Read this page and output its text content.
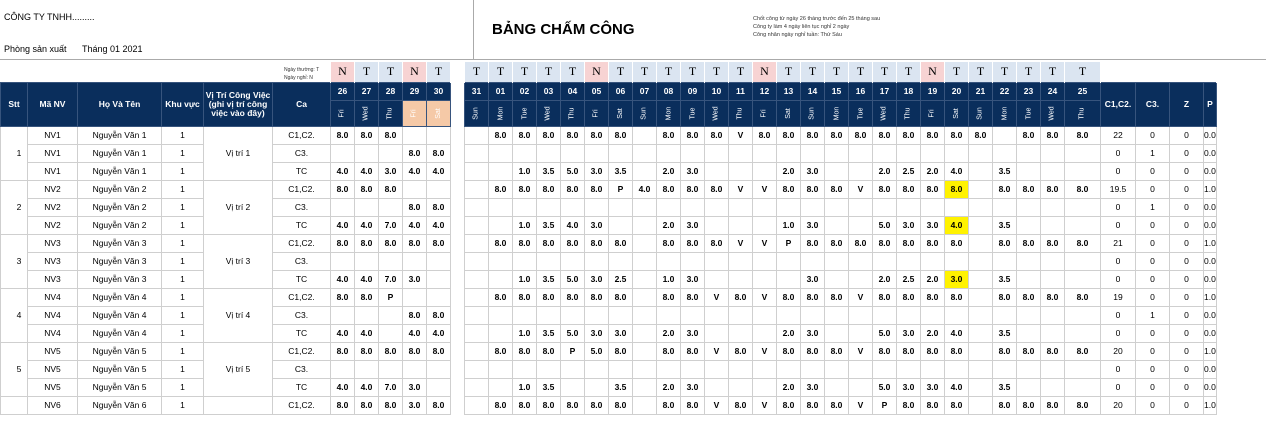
CÔNG TY TNHH.........
Phòng sản xuất Tháng 01 2021
BẢNG CHẤM CÔNG
Chốt công từ ngày 26 tháng trước đến 25 tháng sau
Công ty làm 4 ngày liên tục nghỉ 2 ngày
Công nhân ngày nghỉ tuần: Thứ Sáu
						N	T	T	N	T		T	T	T	T	T	N	T	T	T	T	T	T	N	T	T	T	T	T	T	N	T	T	T	T	T	T				
Stt	Mã NV	Họ Và Tên	Khu vực	Vị Trí Công Việc (ghi vị trí công việc vào đây)	Ca	26	27	28	29	30		31	01	02	03	04	05	06	07	08	09	10	11	12	13	14	15	16	17	18	19	20	21	22	23	24	25	C1,C2.	C3.	Z	P
						Fri	Wed	Thu	Fri	Sat		Sun	Mon	Tue	Wed	Thu	Fri	Sat	Sun	Mon	Tue	Wed	Thu	Fri	Sat	Sun	Mon	Tue	Wed	Thu	Fri	Sat	Sun	Mon	Tue	Wed	Thu				
1	NV1	Nguyễn Văn 1	1	Vị trí 1	C1,C2.	8.0	8.0	8.0					8.0	8.0	8.0	8.0	8.0	8.0		8.0	8.0	8.0	V	8.0	8.0	8.0	8.0	8.0	8.0	8.0	8.0	8.0	8.0		8.0	8.0	8.0	22	0	0	0.0
	NV1	Nguyễn Văn 1	1		C3.				8.0	8.0																												0	1	0	0.0
	NV1	Nguyễn Văn 1	1		TC	4.0	4.0	3.0	4.0	4.0				1.0	3.5	5.0	3.0	3.5		2.0	3.0				2.0	3.0			2.0	2.5	2.0	4.0		3.5				0	0	0	0.0
2	NV2	Nguyễn Văn 2	1	Vị trí 2	C1,C2.	8.0	8.0	8.0					8.0	8.0	8.0	8.0	8.0	P	4.0	8.0	8.0	8.0	V	V	8.0	8.0	8.0	V	8.0	8.0	8.0	8.0		8.0	8.0	8.0	8.0	19.5	0	0	1.0
	NV2	Nguyễn Văn 2	1		C3.				8.0	8.0																												0	1	0	0.0
	NV2	Nguyễn Văn 2	1		TC	4.0	4.0	7.0	4.0	4.0				1.0	3.5	4.0	3.0			2.0	3.0				1.0	3.0			5.0	3.0	3.0	4.0		3.5				0	0	0	0.0
3	NV3	Nguyễn Văn 3	1	Vị trí 3	C1,C2.	8.0	8.0	8.0	8.0	8.0			8.0	8.0	8.0	8.0	8.0	8.0		8.0	8.0	8.0	V	V	P	8.0	8.0	8.0	8.0	8.0	8.0	8.0		8.0	8.0	8.0	8.0	21	0	0	1.0
	NV3	Nguyễn Văn 3	1		C3.																																	0	0	0	0.0
	NV3	Nguyễn Văn 3	1		TC	4.0	4.0	7.0	3.0					1.0	3.5	5.0	3.0	2.5		1.0	3.0					3.0			2.0	2.5	2.0	3.0		3.5				0	0	0	0.0
4	NV4	Nguyễn Văn 4	1	Vị trí 4	C1,C2.	8.0	8.0	P					8.0	8.0	8.0	8.0	8.0	8.0		8.0	8.0	V	8.0	V	8.0	8.0	8.0	V	8.0	8.0	8.0	8.0		8.0	8.0	8.0	8.0	19	0	0	1.0
	NV4	Nguyễn Văn 4	1		C3.				8.0	8.0																												0	1	0	0.0
	NV4	Nguyễn Văn 4	1		TC	4.0	4.0		4.0	4.0				1.0	3.5	5.0	3.0	3.0		2.0	3.0				2.0	3.0			5.0	3.0	2.0	4.0		3.5				0	0	0	0.0
5	NV5	Nguyễn Văn 5	1	Vị trí 5	C1,C2.	8.0	8.0	8.0	8.0	8.0			8.0	8.0	8.0	P	5.0	8.0		8.0	8.0	V	8.0	V	8.0	8.0	8.0	V	8.0	8.0	8.0	8.0		8.0	8.0	8.0	8.0	20	0	0	1.0
	NV5	Nguyễn Văn 5	1		C3.																																	0	0	0	0.0
	NV5	Nguyễn Văn 5	1		TC	4.0	4.0	7.0	3.0					1.0	3.5			3.5		2.0	3.0				2.0	3.0			5.0	3.0	3.0	4.0		3.5				0	0	0	0.0
	NV6	Nguyễn Văn 6	1		C1,C2.	8.0	8.0	8.0	3.0	8.0			8.0	8.0	8.0	8.0	8.0	8.0		8.0	8.0	V	8.0	V	8.0	8.0	8.0	V	P	8.0	8.0	8.0		8.0	8.0	8.0	8.0	20	0	0	1.0
Ngày thường: T
Ngày nghỉ: N
